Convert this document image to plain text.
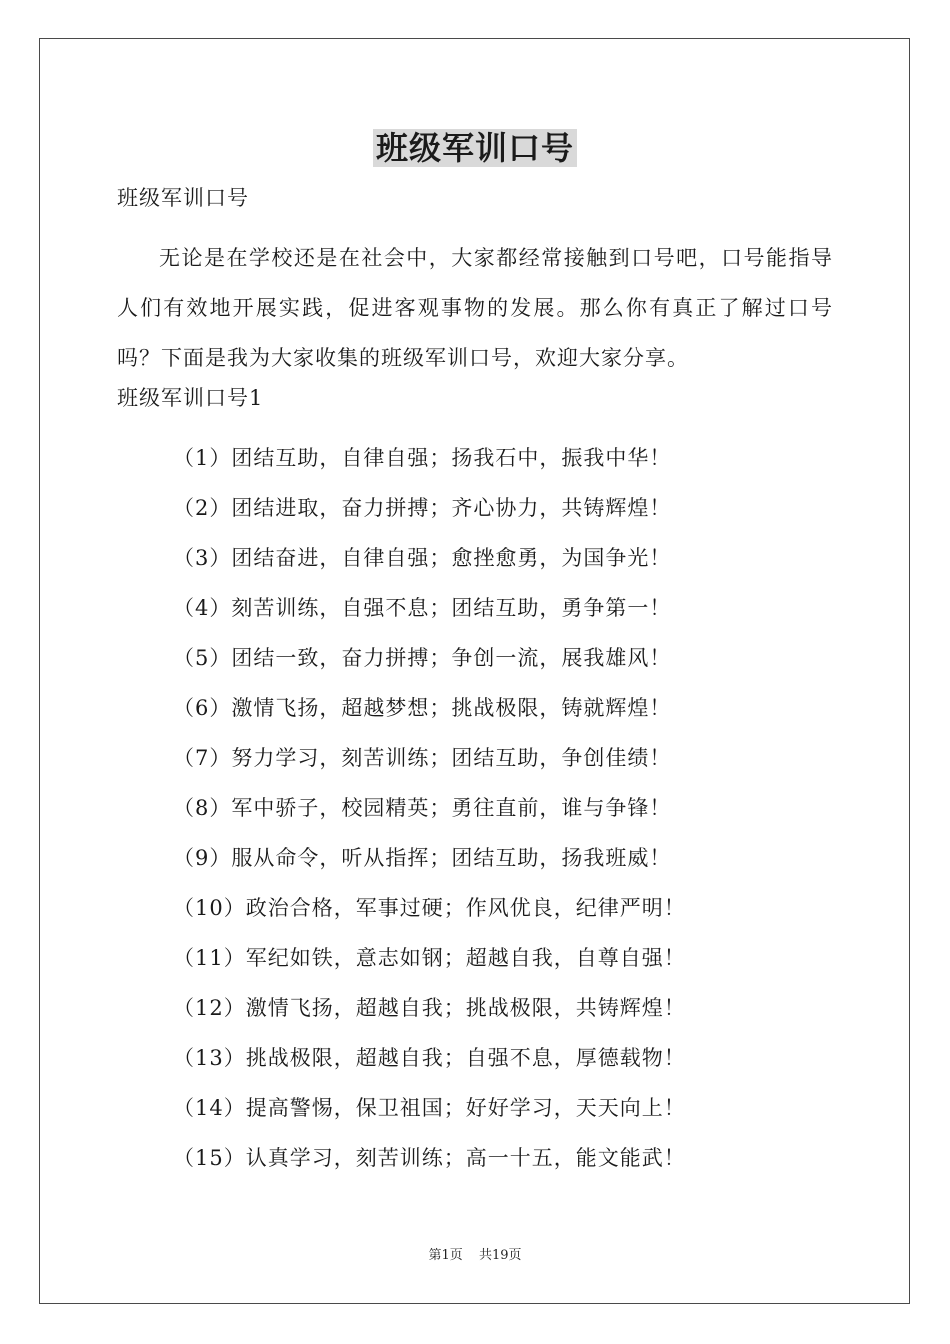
班级军训口号

班级军训口号

无论是在学校还是在社会中，大家都经常接触到口号吧，口号能指导人们有效地开展实践，促进客观事物的发展。那么你有真正了解过口号吗？下面是我为大家收集的班级军训口号，欢迎大家分享。

班级军训口号1

（1）团结互助，自律自强；扬我石中，振我中华！
（2）团结进取，奋力拼搏；齐心协力，共铸辉煌！
（3）团结奋进，自律自强；愈挫愈勇，为国争光！
（4）刻苦训练，自强不息；团结互助，勇争第一！
（5）团结一致，奋力拼搏；争创一流，展我雄风！
（6）激情飞扬，超越梦想；挑战极限，铸就辉煌！
（7）努力学习，刻苦训练；团结互助，争创佳绩！
（8）军中骄子，校园精英；勇往直前，谁与争锋！
（9）服从命令，听从指挥；团结互助，扬我班威！
（10）政治合格，军事过硬；作风优良，纪律严明！
（11）军纪如铁，意志如钢；超越自我，自尊自强！
（12）激情飞扬，超越自我；挑战极限，共铸辉煌！
（13）挑战极限，超越自我；自强不息，厚德载物！
（14）提高警惕，保卫祖国；好好学习，天天向上！
（15）认真学习，刻苦训练；高一十五，能文能武！
第1页 共19页
